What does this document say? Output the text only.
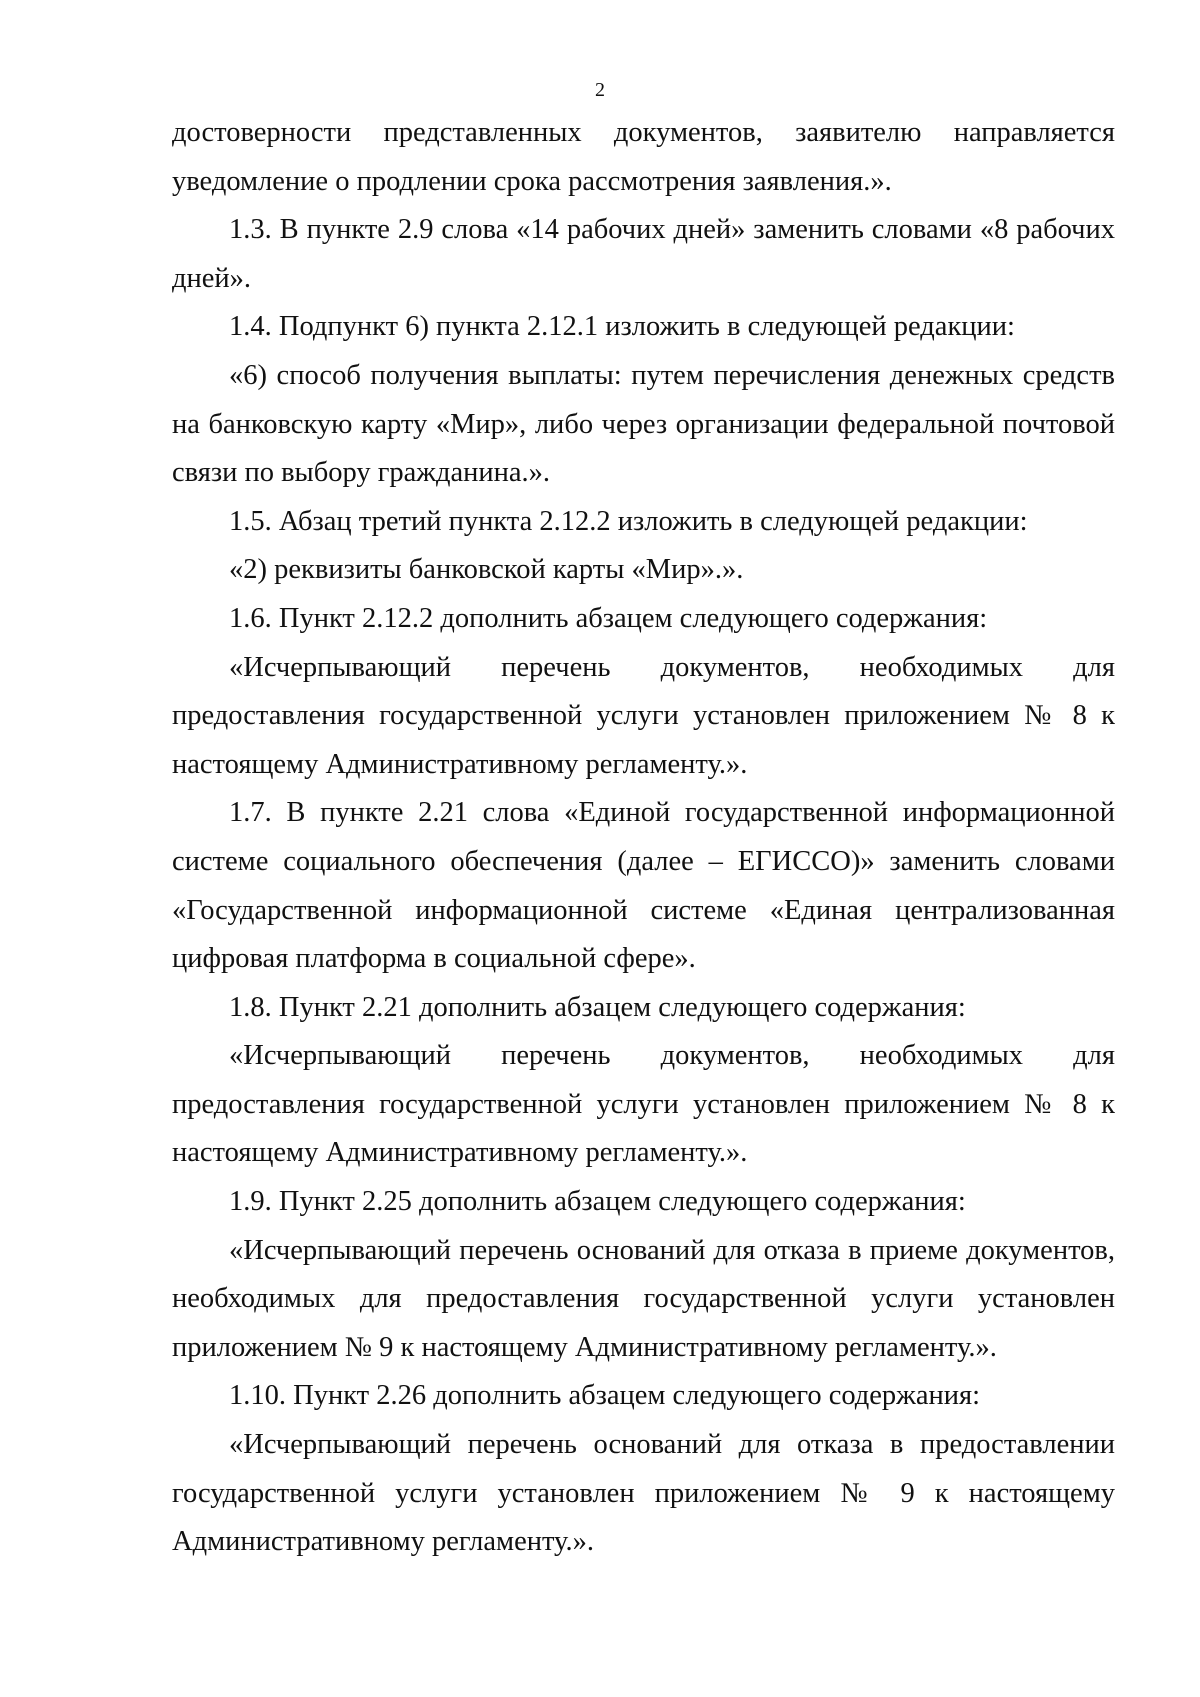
2

достоверности представленных документов, заявителю направляется уведомление о продлении срока рассмотрения заявления.».

1.3. В пункте 2.9 слова «14 рабочих дней» заменить словами «8 рабочих дней».

1.4. Подпункт 6) пункта 2.12.1 изложить в следующей редакции:

«6) способ получения выплаты: путем перечисления денежных средств на банковскую карту «Мир», либо через организации федеральной почтовой связи по выбору гражданина.».

1.5. Абзац третий пункта 2.12.2 изложить в следующей редакции:

«2) реквизиты банковской карты «Мир».».

1.6. Пункт 2.12.2 дополнить абзацем следующего содержания:

«Исчерпывающий перечень документов, необходимых для предоставления государственной услуги установлен приложением № 8 к настоящему Административному регламенту.».

1.7. В пункте 2.21 слова «Единой государственной информационной системе социального обеспечения (далее – ЕГИССО)» заменить словами «Государственной информационной системе «Единая централизованная цифровая платформа в социальной сфере».

1.8. Пункт 2.21 дополнить абзацем следующего содержания:

«Исчерпывающий перечень документов, необходимых для предоставления государственной услуги установлен приложением № 8 к настоящему Административному регламенту.».

1.9. Пункт 2.25 дополнить абзацем следующего содержания:

«Исчерпывающий перечень оснований для отказа в приеме документов, необходимых для предоставления государственной услуги установлен приложением № 9 к настоящему Административному регламенту.».

1.10. Пункт 2.26 дополнить абзацем следующего содержания:

«Исчерпывающий перечень оснований для отказа в предоставлении государственной услуги установлен приложением № 9 к настоящему Административному регламенту.».
